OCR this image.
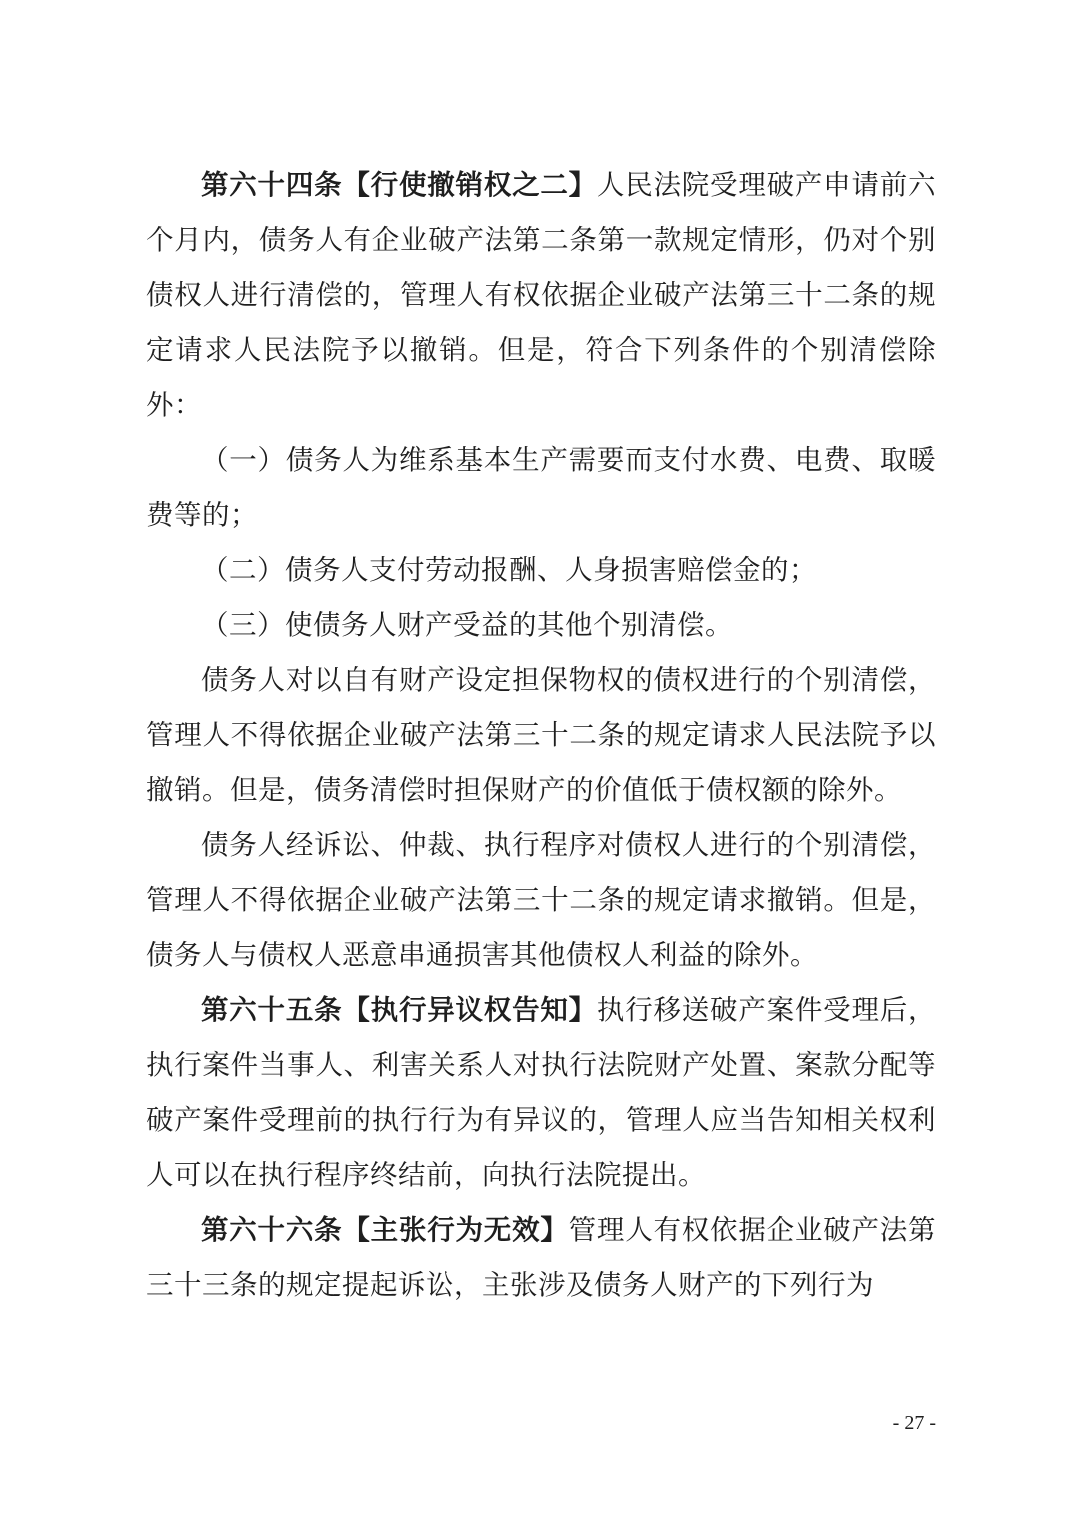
第六十四条【行使撤销权之二】人民法院受理破产申请前六个月内，债务人有企业破产法第二条第一款规定情形，仍对个别债权人进行清偿的，管理人有权依据企业破产法第三十二条的规定请求人民法院予以撤销。但是，符合下列条件的个别清偿除外：

（一）债务人为维系基本生产需要而支付水费、电费、取暖费等的；

（二）债务人支付劳动报酬、人身损害赔偿金的；

（三）使债务人财产受益的其他个别清偿。

债务人对以自有财产设定担保物权的债权进行的个别清偿，管理人不得依据企业破产法第三十二条的规定请求人民法院予以撤销。但是，债务清偿时担保财产的价值低于债权额的除外。

债务人经诉讼、仲裁、执行程序对债权人进行的个别清偿，管理人不得依据企业破产法第三十二条的规定请求撤销。但是，债务人与债权人恶意串通损害其他债权人利益的除外。

第六十五条【执行异议权告知】执行移送破产案件受理后，执行案件当事人、利害关系人对执行法院财产处置、案款分配等破产案件受理前的执行行为有异议的，管理人应当告知相关权利人可以在执行程序终结前，向执行法院提出。

第六十六条【主张行为无效】管理人有权依据企业破产法第三十三条的规定提起诉讼，主张涉及债务人财产的下列行为

- 27 -
